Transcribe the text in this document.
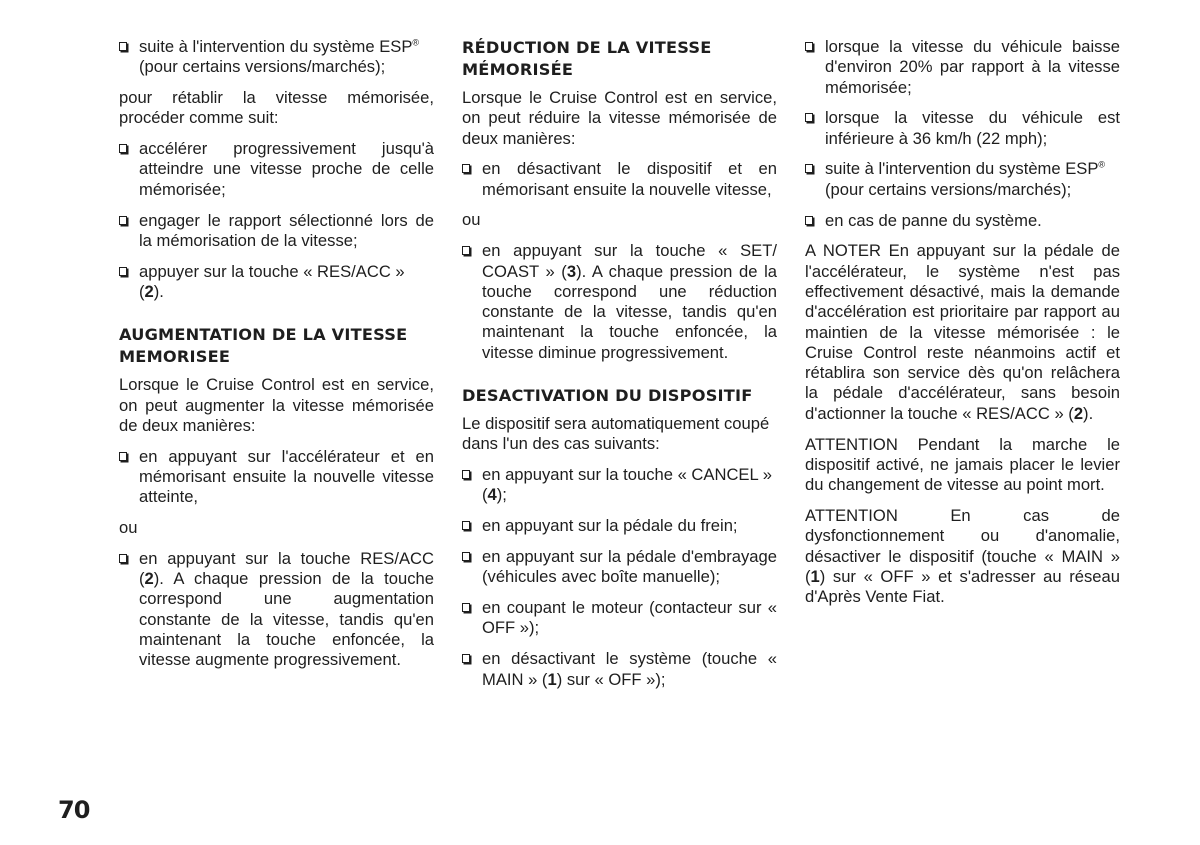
suite à l'intervention du système ESP® (pour certains versions/marchés);

pour rétablir la vitesse mémorisée, procéder comme suit:

accélérer progressivement jusqu'à atteindre une vitesse proche de celle mémorisée;
engager le rapport sélectionné lors de la mémorisation de la vitesse;
appuyer sur la touche « RES/ACC » (2).
AUGMENTATION DE LA VITESSE MEMORISEE

Lorsque le Cruise Control est en service, on peut augmenter la vitesse mémorisée de deux manières:

en appuyant sur l'accélérateur et en mémorisant ensuite la nouvelle vitesse atteinte,

ou

en appuyant sur la touche RES/ACC (2). A chaque pression de la touche correspond une augmentation constante de la vitesse, tandis qu'en maintenant la touche enfoncée, la vitesse augmente progressivement.
RÉDUCTION DE LA VITESSE MÉMORISÉE

Lorsque le Cruise Control est en service, on peut réduire la vitesse mémorisée de deux manières:

en désactivant le dispositif et en mémorisant ensuite la nouvelle vitesse,

ou

en appuyant sur la touche « SET/ COAST » (3). A chaque pression de la touche correspond une réduction constante de la vitesse, tandis qu'en maintenant la touche enfoncée, la vitesse diminue progressivement.
DESACTIVATION DU DISPOSITIF

Le dispositif sera automatiquement coupé dans l'un des cas suivants:

en appuyant sur la touche « CANCEL » (4);
en appuyant sur la pédale du frein;
en appuyant sur la pédale d'embrayage (véhicules avec boîte manuelle);
en coupant le moteur (contacteur sur « OFF »);
en désactivant le système (touche « MAIN » (1) sur « OFF »);
lorsque la vitesse du véhicule baisse d'environ 20% par rapport à la vitesse mémorisée;
lorsque la vitesse du véhicule est inférieure à 36 km/h (22 mph);
suite à l'intervention du système ESP® (pour certains versions/marchés);
en cas de panne du système.

A NOTER En appuyant sur la pédale de l'accélérateur, le système n'est pas effectivement désactivé, mais la demande d'accélération est prioritaire par rapport au maintien de la vitesse mémorisée : le Cruise Control reste néanmoins actif et rétablira son service dès qu'on relâchera la pédale d'accélérateur, sans besoin d'actionner la touche « RES/ACC » (2).

ATTENTION Pendant la marche le dispositif activé, ne jamais placer le levier du changement de vitesse au point mort.

ATTENTION En cas de dysfonctionnement ou d'anomalie, désactiver le dispositif (touche « MAIN » (1) sur « OFF » et s'adresser au réseau d'Après Vente Fiat.

70
